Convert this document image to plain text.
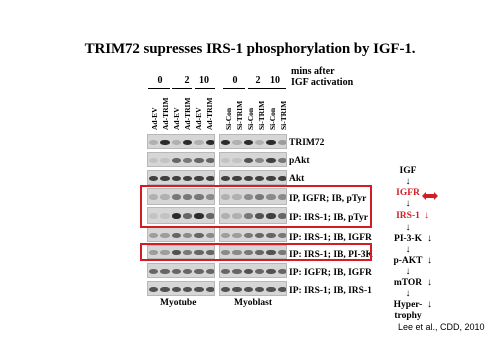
TRIM72 supresses IRS-1 phosphorylation by IGF-1.
mins after
IGF activation
0	2 10	0	2 10
Ad-EV Ad-TRIM Ad-EV Ad-TRIM Ad-EV Ad-TRIM Si-Con Si-TRIM Si-Con Si-TRIM Si-Con Si-TRIM
TRIM72
pAkt
Akt
IP, IGFR; IB, pTyr
IP: IRS-1; IB, pTyr
IP: IRS-1; IB, IGFR
IP: IRS-1; IB, PI-3K
IP: IGFR; IB, IGFR
IP: IRS-1; IB, IRS-1
Myotube	Myoblast
IGF
↓
IGFR
↓
IRS-1 ↓
↓
PI-3-K ↓
↓
p-AKT ↓
↓
mTOR ↓
↓
Hyper-
trophy
↓
Lee et al., CDD, 2010
